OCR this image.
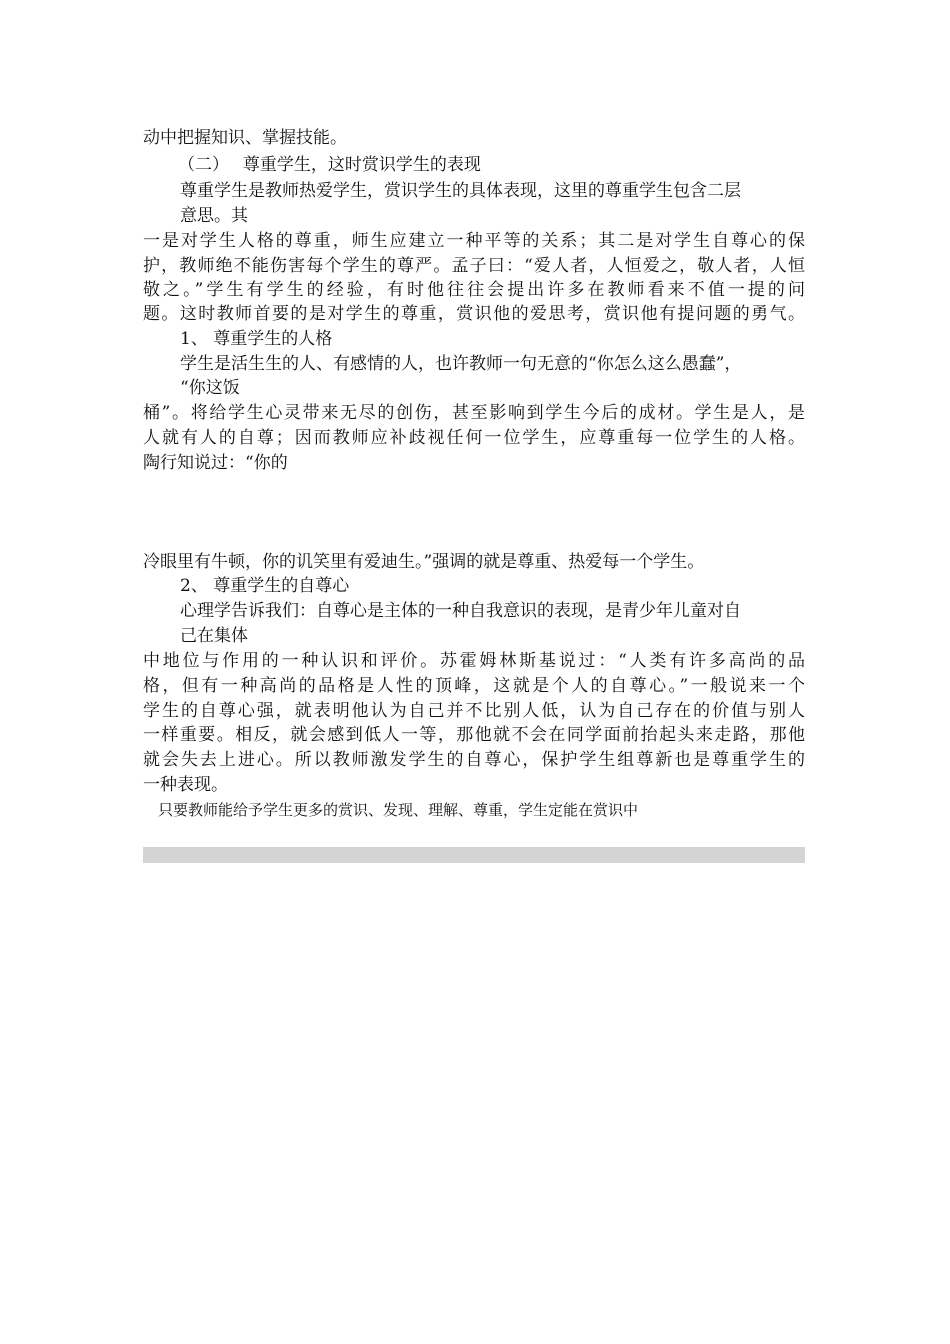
动中把握知识、掌握技能。
（二）　 尊重学生，这时赏识学生的表现
尊重学生是教师热爱学生，赏识学生的具体表现，这里的尊重学生包含二层
意思。其
一是对学生人格的尊重，师生应建立一种平等的关系；其二是对学生自尊心的保
护，教师绝不能伤害每个学生的尊严。孟子曰：“爱人者，人恒爱之，敬人者，人恒
敬之。”学生有学生的经验，有时他往往会提出许多在教师看来不值一提的问
题。这时教师首要的是对学生的尊重，赏识他的爱思考，赏识他有提问题的勇气。
1、 尊重学生的人格
学生是活生生的人、有感情的人，也许教师一句无意的“你怎么这么愚蠢”，
“你这饭
桶”。将给学生心灵带来无尽的创伤，甚至影响到学生今后的成材。学生是人，是
人就有人的自尊；因而教师应补歧视任何一位学生，应尊重每一位学生的人格。
陶行知说过：“你的
冷眼里有牛顿，你的讥笑里有爱迪生。”强调的就是尊重、热爱每一个学生。
2、 尊重学生的自尊心
心理学告诉我们：自尊心是主体的一种自我意识的表现，是青少年儿童对自
己在集体
中地位与作用的一种认识和评价。苏霍姆林斯基说过：“人类有许多高尚的品
格，但有一种高尚的品格是人性的顶峰，这就是个人的自尊心。”一般说来一个
学生的自尊心强，就表明他认为自己并不比别人低，认为自己存在的价值与别人
一样重要。相反，就会感到低人一等，那他就不会在同学面前抬起头来走路，那他
就会失去上进心。所以教师激发学生的自尊心，保护学生组尊新也是尊重学生的
一种表现。
只要教师能给予学生更多的赏识、发现、理解、尊重，学生定能在赏识中
